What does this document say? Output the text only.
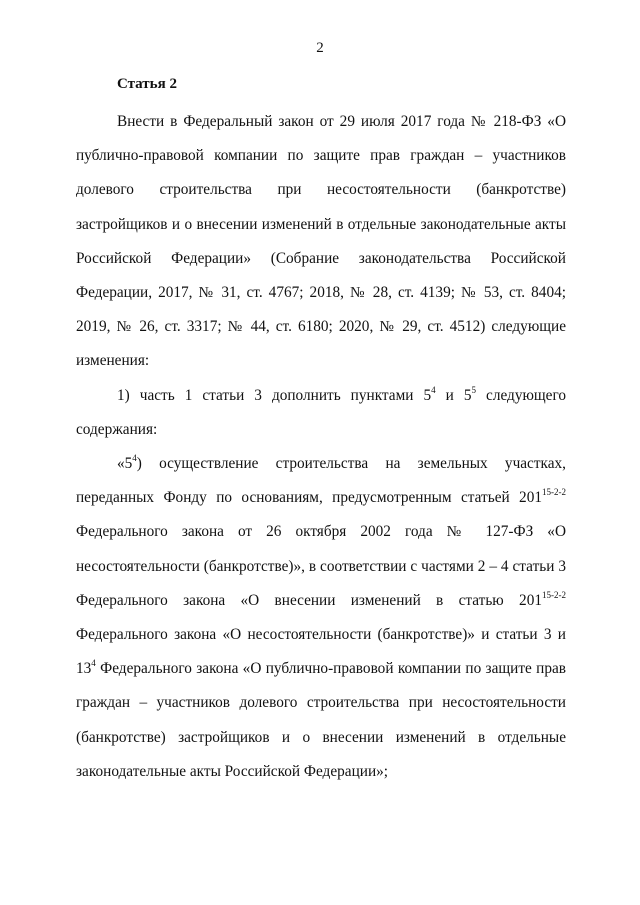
2
Статья 2

Внести в Федеральный закон от 29 июля 2017 года № 218-ФЗ «О публично-правовой компании по защите прав граждан – участников долевого строительства при несостоятельности (банкротстве) застройщиков и о внесении изменений в отдельные законодательные акты Российской Федерации» (Собрание законодательства Российской Федерации, 2017, № 31, ст. 4767; 2018, № 28, ст. 4139; № 53, ст. 8404; 2019, № 26, ст. 3317; № 44, ст. 6180; 2020, № 29, ст. 4512) следующие изменения:

1) часть 1 статьи 3 дополнить пунктами $5^4$ и $5^5$ следующего содержания:

«$5^4$) осуществление строительства на земельных участках, переданных Фонду по основаниям, предусмотренным статьей 201$^{15-2-2}$ Федерального закона от 26 октября 2002 года № 127-ФЗ «О несостоятельности (банкротстве)», в соответствии с частями 2 – 4 статьи 3 Федерального закона «О внесении изменений в статью 201$^{15-2-2}$ Федерального закона «О несостоятельности (банкротстве)» и статьи 3 и $13^4$ Федерального закона «О публично-правовой компании по защите прав граждан – участников долевого строительства при несостоятельности (банкротстве) застройщиков и о внесении изменений в отдельные законодательные акты Российской Федерации»;
